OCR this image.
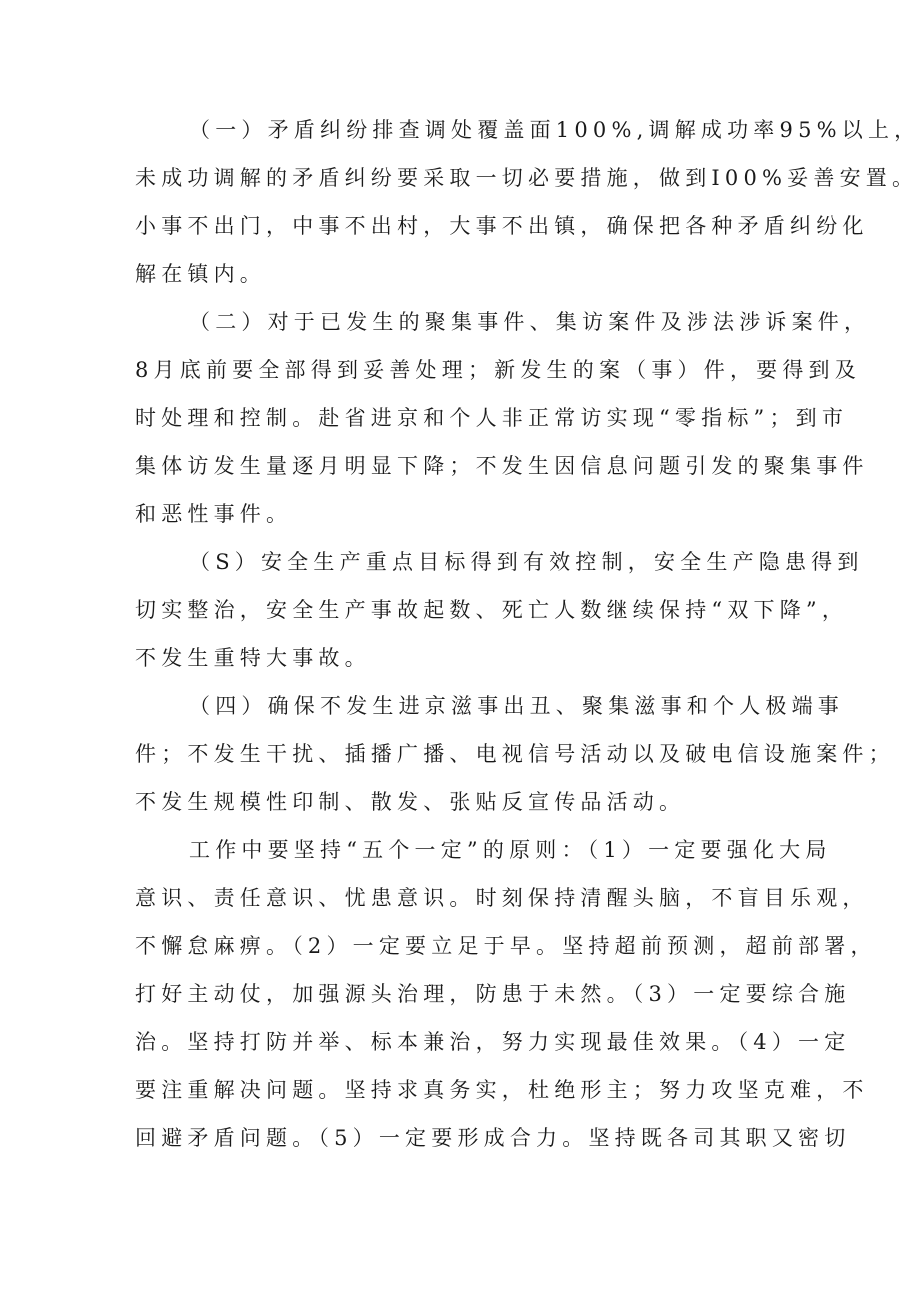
（一）矛盾纠纷排查调处覆盖面100%,调解成功率95%以上，
未成功调解的矛盾纠纷要采取一切必要措施，做到I00%妥善安置。
小事不出门，中事不出村，大事不出镇，确保把各种矛盾纠纷化
解在镇内。
（二）对于已发生的聚集事件、集访案件及涉法涉诉案件，
8月底前要全部得到妥善处理；新发生的案（事）件，要得到及
时处理和控制。赴省进京和个人非正常访实现“零指标”；到市
集体访发生量逐月明显下降；不发生因信息问题引发的聚集事件
和恶性事件。
（S）安全生产重点目标得到有效控制，安全生产隐患得到
切实整治，安全生产事故起数、死亡人数继续保持“双下降”，
不发生重特大事故。
（四）确保不发生进京滋事出丑、聚集滋事和个人极端事
件；不发生干扰、插播广播、电视信号活动以及破电信设施案件；
不发生规模性印制、散发、张贴反宣传品活动。
工作中要坚持“五个一定”的原则：（1）一定要强化大局
意识、责任意识、忧患意识。时刻保持清醒头脑，不盲目乐观，
不懈怠麻痹。（2）一定要立足于早。坚持超前预测，超前部署，
打好主动仗，加强源头治理，防患于未然。（3）一定要综合施
治。坚持打防并举、标本兼治，努力实现最佳效果。（4）一定
要注重解决问题。坚持求真务实，杜绝形主；努力攻坚克难，不
回避矛盾问题。（5）一定要形成合力。坚持既各司其职又密切
